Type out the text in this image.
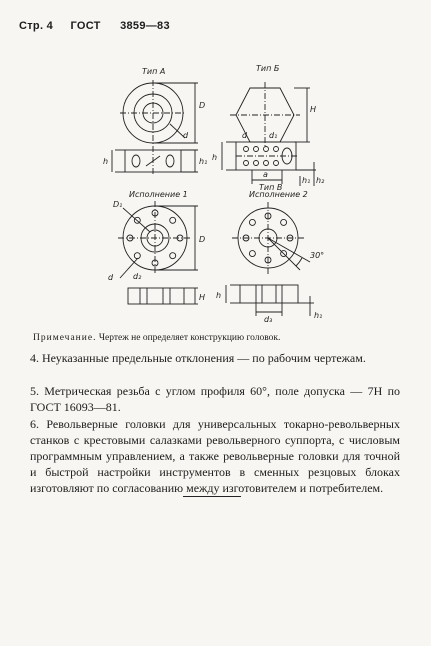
Стр. 4 ГОСТ 3859—83
Тип А	Тип Б
Тип В
Исполнение 1	Исполнение 2
D
d
h	h₁
H
d	d₁
h
a
h₁ h₂
D₁
D
d d₂
H
30°
h
d₃	h₁
Примечание. Чертеж не определяет конструкцию головок.
4. Неуказанные предельные отклонения — по рабочим чертежам.
5. Метрическая резьба с углом профиля 60°, поле допуска — 7Н по ГОСТ 16093—81.
6. Револьверные головки для универсальных токарно-револьверных станков с крестовыми салазками револьверного суппорта, с числовым программным управлением, а также револьверные головки для точной и быстрой настройки инструментов в сменных резцовых блоках изготовляют по согласованию между изготовителем и потребителем.
